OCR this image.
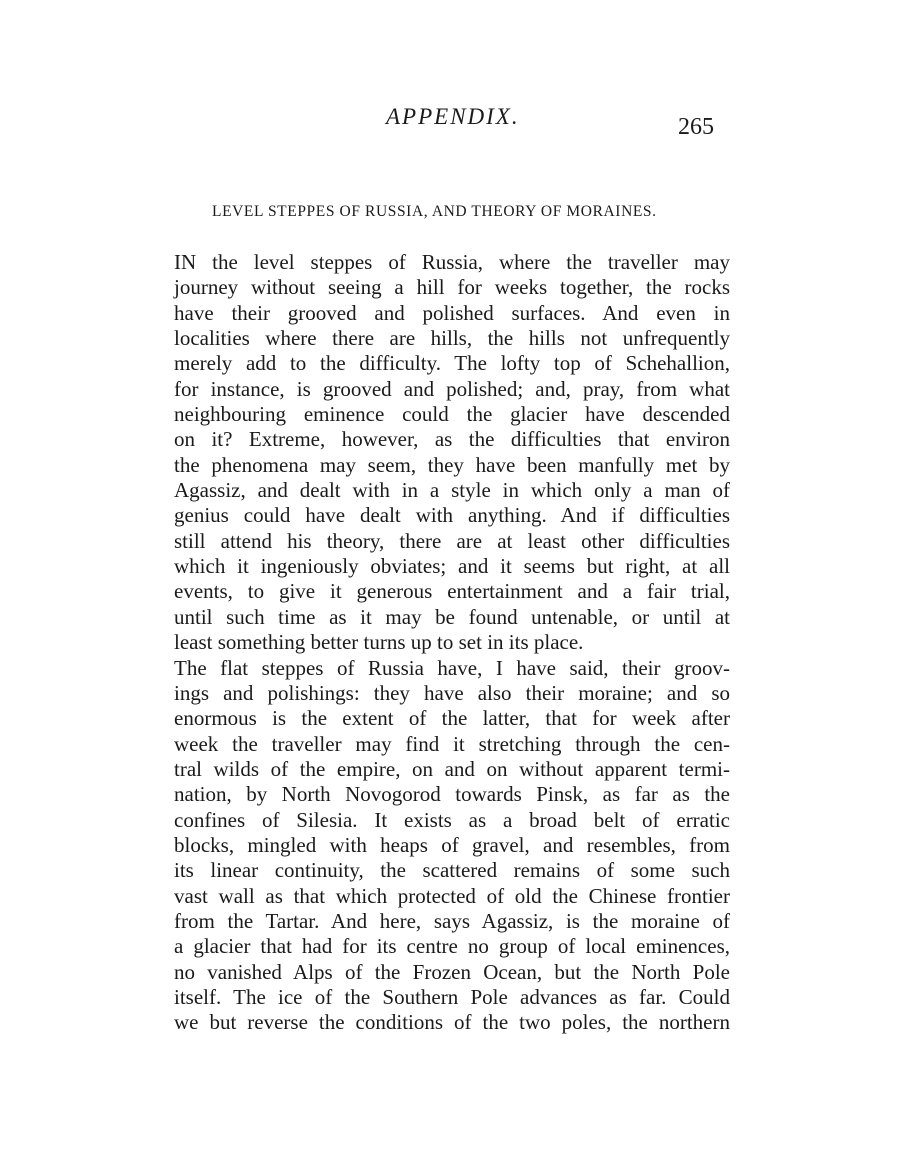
APPENDIX.	265
LEVEL STEPPES OF RUSSIA, AND THEORY OF MORAINES.
IN the level steppes of Russia, where the traveller may
journey without seeing a hill for weeks together, the rocks
have their grooved and polished surfaces. And even in
localities where there are hills, the hills not unfrequently
merely add to the difficulty. The lofty top of Schehallion,
for instance, is grooved and polished; and, pray, from what
neighbouring eminence could the glacier have descended
on it? Extreme, however, as the difficulties that environ
the phenomena may seem, they have been manfully met by
Agassiz, and dealt with in a style in which only a man of
genius could have dealt with anything. And if difficulties
still attend his theory, there are at least other difficulties
which it ingeniously obviates; and it seems but right, at all
events, to give it generous entertainment and a fair trial,
until such time as it may be found untenable, or until at
least something better turns up to set in its place.
The flat steppes of Russia have, I have said, their groov-
ings and polishings: they have also their moraine; and so
enormous is the extent of the latter, that for week after
week the traveller may find it stretching through the cen-
tral wilds of the empire, on and on without apparent termi-
nation, by North Novogorod towards Pinsk, as far as the
confines of Silesia. It exists as a broad belt of erratic
blocks, mingled with heaps of gravel, and resembles, from
its linear continuity, the scattered remains of some such
vast wall as that which protected of old the Chinese frontier
from the Tartar. And here, says Agassiz, is the moraine of
a glacier that had for its centre no group of local eminences,
no vanished Alps of the Frozen Ocean, but the North Pole
itself. The ice of the Southern Pole advances as far. Could
we but reverse the conditions of the two poles, the northern
